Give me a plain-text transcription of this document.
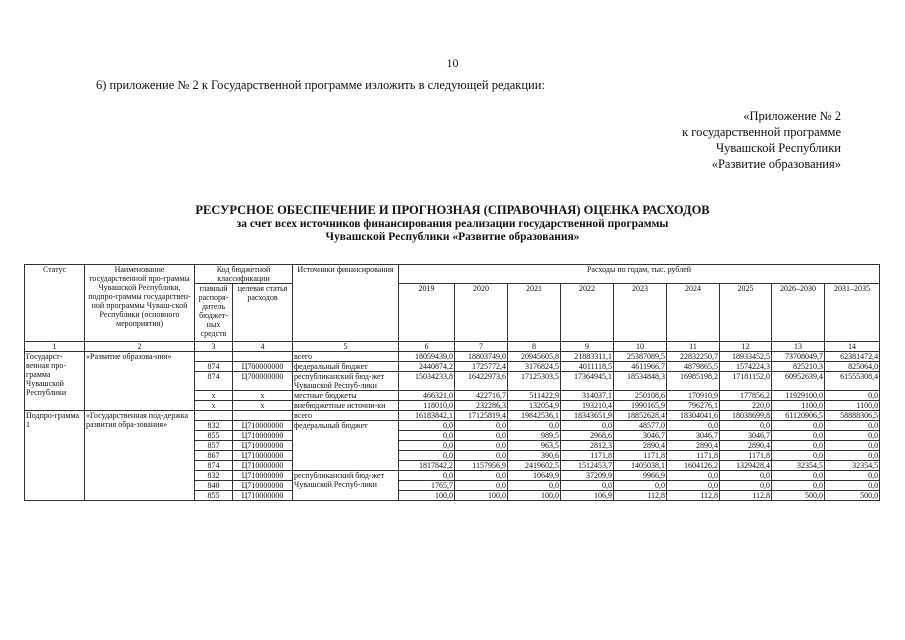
10
6) приложение № 2 к Государственной программе изложить в следующей редакции:
«Приложение № 2
к государственной программе
Чувашской Республики
«Развитие образования»
РЕСУРСНОЕ ОБЕСПЕЧЕНИЕ И ПРОГНОЗНАЯ (СПРАВОЧНАЯ) ОЦЕНКА РАСХОДОВ
за счет всех источников финансирования реализации государственной программы
Чувашской Республики «Развитие образования»
Статус	Наименование государственной про-граммы Чувашской Республики, подпро-граммы государствен-ной программы Чуваш-ской Республики (основного мероприятия)	Код бюджетной классификации		Источники финансирования	Расходы по годам, тыс. рублей								
		главный распоря-дитель бюджет-ных средств	целевая статья расходов		2019	2020	2021	2022	2023	2024	2025	2026–2030	2031–2035

1	2	3	4	5	6	7	8	9	10	11	12	13	14
Государст-венная про-грамма Чувашской Республики	«Развитие образова-ния»			всего	18059439,0	18803749,0	20945605,8	21883311,1	25387089,5	22832250,7	18933452,5	73708049,7	62381472,4
		874	Ц700000000	федеральный бюджет	2440874,2	1725772,4	3176824,5	4011118,5	4611966,7	4879865,5	1574224,3	825210,3	825064,0
		874	Ц700000000	республиканский бюд-жет Чувашской Респуб-лики	15034233,8	16422973,6	17125303,5	17364945,1	18534848,3	16985198,2	17181152,0	60952639,4	61555308,4
		x	x	местные бюджеты	466321,0	422716,7	511422,9	314037,1	250108,6	170910,9	177856,2	11929100,0	0,0
		x	x	внебюджетные источни-ки	118010,0	232286,3	132054,9	193210,4	1990165,9	796276,1	220,0	1100,0	1100,0
Подпро-грамма 1	«Государственная под-держка развития обра-зования»			всего	16183842,1	17125819,4	19842536,1	18343651,9	18852628,4	18304041,6	18038699,8	61120906,5	58888306,5
		832	Ц710000000	федеральный бюджет	0,0	0,0	0,0	0,0	48577,0	0,0	0,0	0,0	0,0
		855	Ц710000000		0,0	0,0	989,5	2968,6	3046,7	3046,7	3046,7	0,0	0,0
		857	Ц710000000		0,0	0,0	963,5	2812,3	2890,4	2890,4	2890,4	0,0	0,0
		867	Ц710000000		0,0	0,0	390,6	1171,8	1171,8	1171,8	1171,8	0,0	0,0
		874	Ц710000000		1817842,2	1157956,9	2419602,5	1512453,7	1405038,1	1604126,2	1329428,4	32354,5	32354,5
		832	Ц710000000	республиканский бюд-жет Чувашской Респуб-лики	0,0	0,0	10649,9	37209,9	9966,9	0,0	0,0	0,0	0,0
		840	Ц710000000		1765,7	0,0	0,0	0,0	0,0	0,0	0,0	0,0	0,0
		855	Ц710000000		100,0	100,0	100,0	106,9	112,8	112,8	112,8	500,0	500,0
